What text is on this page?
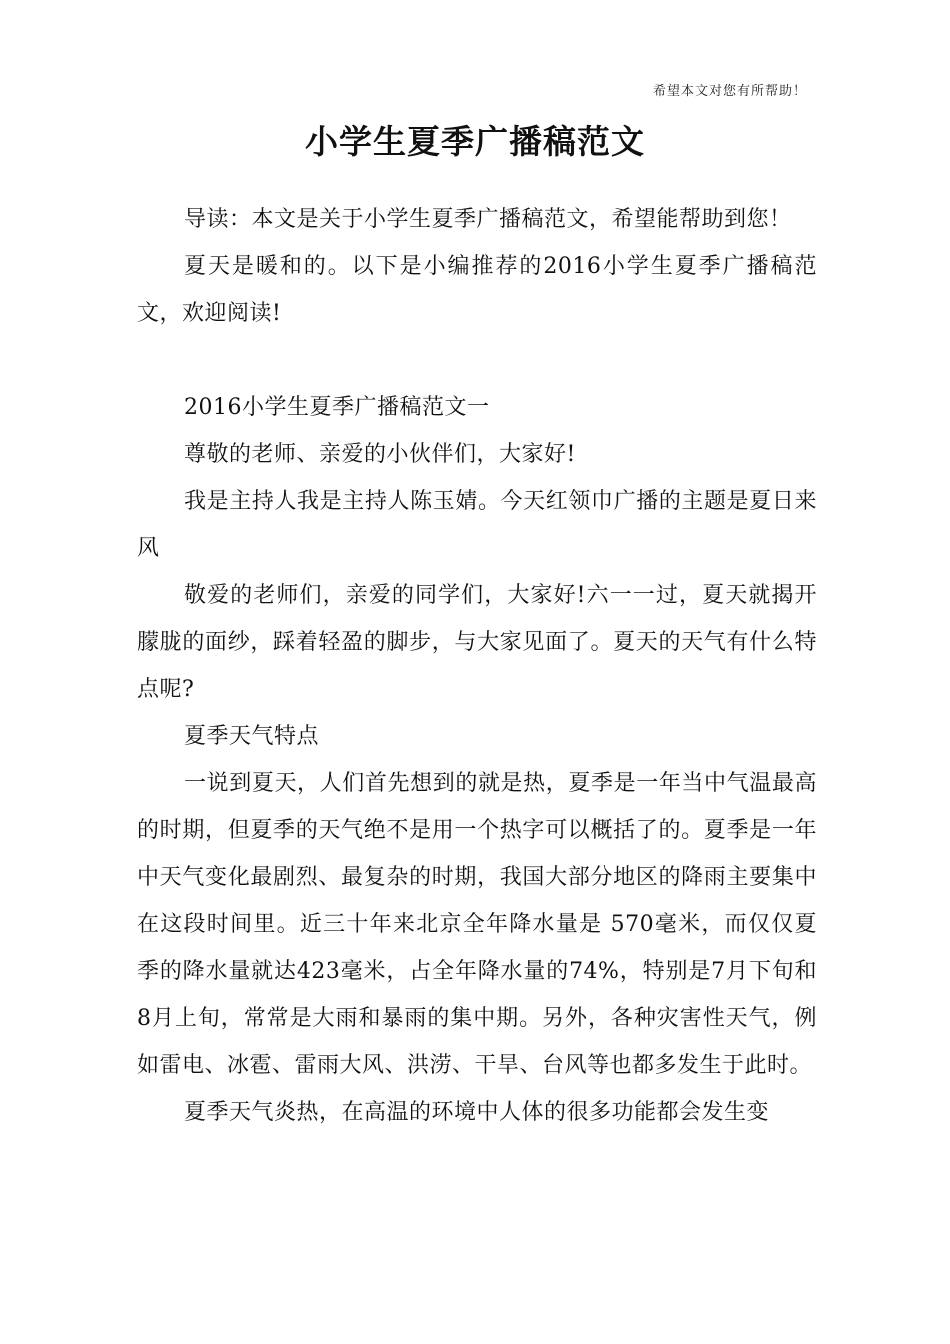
希望本文对您有所帮助！
小学生夏季广播稿范文

导读：本文是关于小学生夏季广播稿范文，希望能帮助到您！

夏天是暖和的。以下是小编推荐的2016小学生夏季广播稿范文，欢迎阅读!

2016小学生夏季广播稿范文一

尊敬的老师、亲爱的小伙伴们，大家好!

我是主持人我是主持人陈玉婧。今天红领巾广播的主题是夏日来风

敬爱的老师们，亲爱的同学们，大家好!六一一过，夏天就揭开朦胧的面纱，踩着轻盈的脚步，与大家见面了。夏天的天气有什么特点呢?

夏季天气特点

一说到夏天，人们首先想到的就是热，夏季是一年当中气温最高的时期，但夏季的天气绝不是用一个热字可以概括了的。夏季是一年中天气变化最剧烈、最复杂的时期，我国大部分地区的降雨主要集中在这段时间里。近三十年来北京全年降水量是 570毫米，而仅仅夏季的降水量就达423毫米，占全年降水量的74%，特别是7月下旬和8月上旬，常常是大雨和暴雨的集中期。另外，各种灾害性天气，例如雷电、冰雹、雷雨大风、洪涝、干旱、台风等也都多发生于此时。

夏季天气炎热，在高温的环境中人体的很多功能都会发生变
